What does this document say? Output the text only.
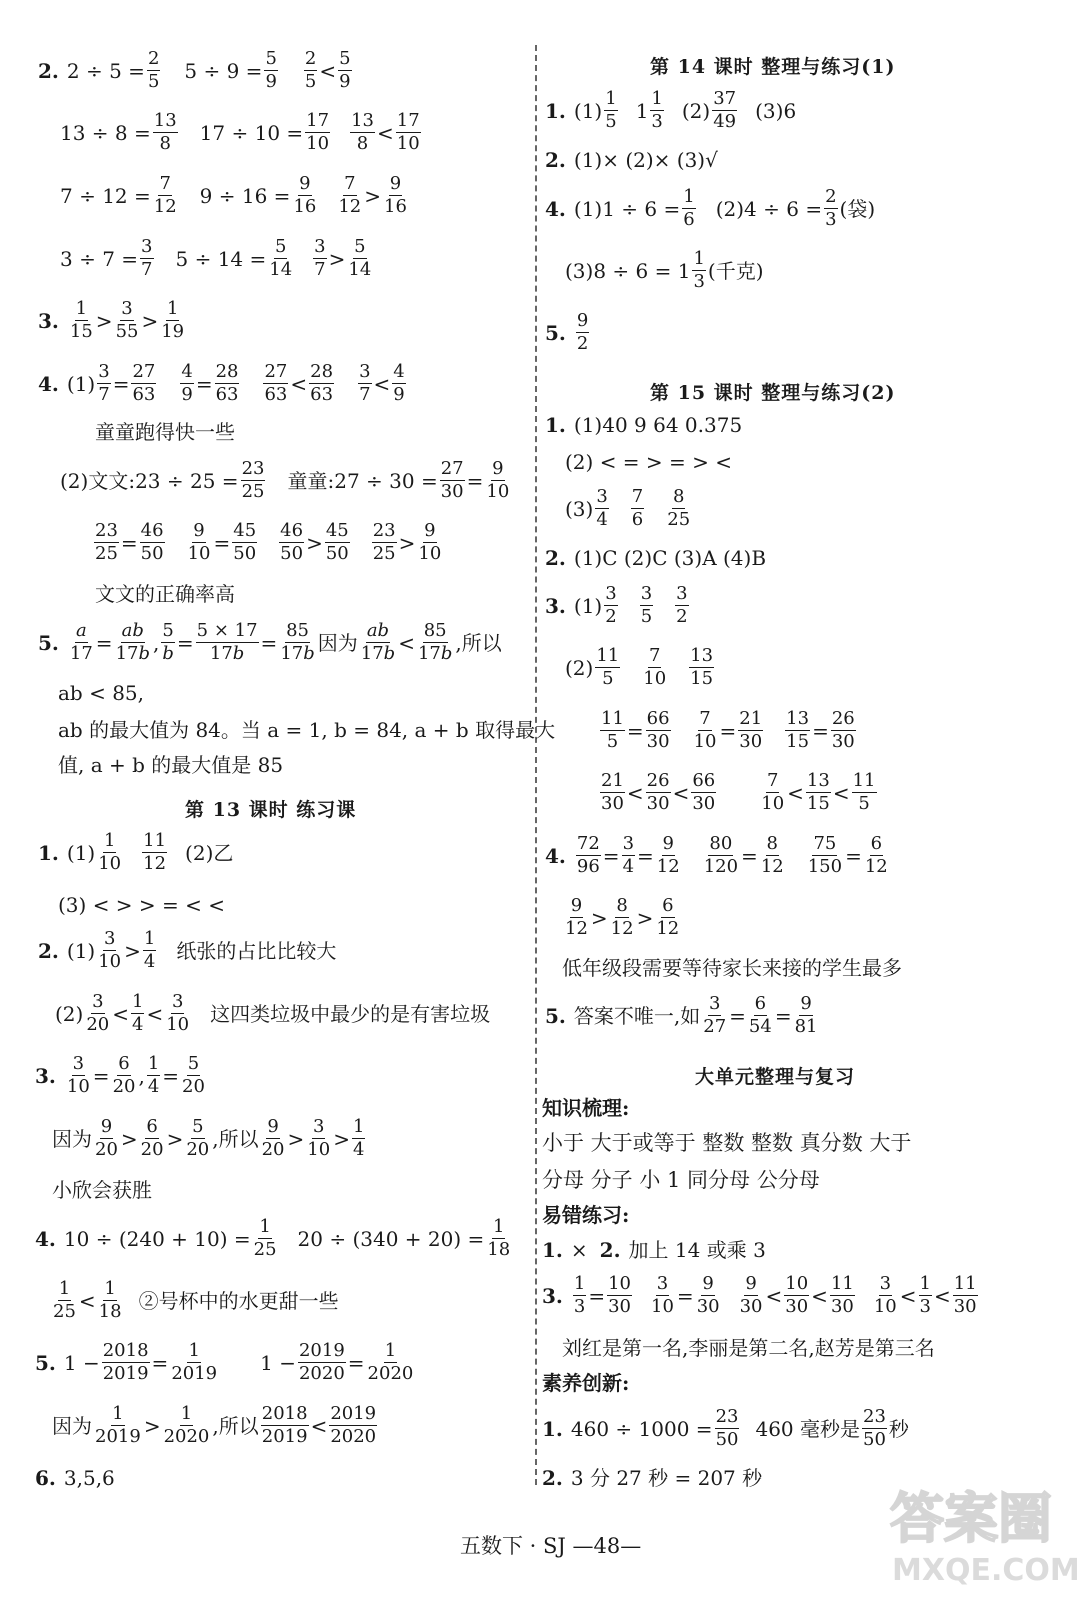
2. $2 \div 5 = \frac{2}{5} 5 \div 9 = \frac{5}{9} \frac{2}{5} < \frac{5}{9}$
$13 \div 8 = \frac{13}{8} 17 \div 10 = \frac{17}{10} \frac{13}{8} < \frac{17}{10}$
$7 \div 12 = \frac{7}{12} 9 \div 16 = \frac{9}{16} \frac{7}{12} > \frac{9}{16}$
$3 \div 7 = \frac{3}{7} 5 \div 14 = \frac{5}{14} \frac{3}{7} > \frac{5}{14}$
3. $\frac{1}{15} > \frac{3}{55} > \frac{1}{19}$
4. $(1) \frac{3}{7} = \frac{27}{63} \frac{4}{9} = \frac{28}{63} \frac{27}{63} < \frac{28}{63} \frac{3}{7} < \frac{4}{9}$
童童跑得快一些
(2) 文文:23 ÷ $25 = \frac{23}{25}$ 童童:27 ÷ $30 = \frac{27}{30} = \frac{9}{10}$
$\frac{23}{25} = \frac{46}{50} \frac{9}{10} = \frac{45}{50} \frac{46}{50} > \frac{45}{50} \frac{23}{25} > \frac{9}{10}$
文文的正确率高
5. $\frac{a}{17} = \frac{ab}{17b}$ , $\frac{5}{b} = \frac{5 \times 17}{17b} = \frac{85}{17b}$ 因为 $\frac{ab}{17b} < \frac{85}{17b}$ ,所以
ab < 85,
ab 的最大值为 84。当 a = 1, b = 84, a + b 取得最大
值, a + b 的最大值是 85
第 13 课时 练习课
1. $(1) \frac{1}{10} \frac{11}{12} (2)$乙
(3) < > > = < <
2. $(1) \frac{3}{10} > \frac{1}{4}$ 纸张的占比比较大
$(2) \frac{3}{20} < \frac{1}{4} < \frac{3}{10}$ 这四类垃圾中最少的是有害垃圾
3. $\frac{3}{10} = \frac{6}{20}$ , $\frac{1}{4} = \frac{5}{20}$
因为 $\frac{9}{20} > \frac{6}{20} > \frac{5}{20}$ ,所以 $\frac{9}{20} > \frac{3}{10} > \frac{1}{4}$
小欣会获胜
4. $10 \div (240 + 10) = \frac{1}{25} 20 \div (340 + 20) = \frac{1}{18}$
$\frac{1}{25} < \frac{1}{18}$ ②号杯中的水更甜一些
5. $1 - \frac{2018}{2019} = \frac{1}{2019} 1 - \frac{2019}{2020} = \frac{1}{2020}$
因为 $\frac{1}{2019} > \frac{1}{2020}$ ,所以 $\frac{2018}{2019} < \frac{2019}{2020}$
6. 3,5,6
第 14 课时 整理与练习(1)
1. $(1) \frac{1}{5} 1 \frac{1}{3} (2) \frac{37}{49} (3)6$
2. (1)× (2)× (3)√
4. $(1)1 \div 6 = \frac{1}{6} (2)4 \div 6 = \frac{2}{3}$ (袋)
$(3)8 \div 6 = 1 \frac{1}{3}$ (千克)
5. $\frac{9}{2}$
第 15 课时 整理与练习(2)
1. (1)40 9 64 0.375
(2) < = > = > <
$(3) \frac{3}{4} \frac{7}{6} \frac{8}{25}$
2. (1)C (2)C (3)A (4)B
3. $(1) \frac{3}{2} \frac{3}{5} \frac{3}{2}$
$(2) \frac{11}{5} \frac{7}{10} \frac{13}{15}$
$\frac{11}{5} = \frac{66}{30} \frac{7}{10} = \frac{21}{30} \frac{13}{15} = \frac{26}{30}$
$\frac{21}{30} < \frac{26}{30} < \frac{66}{30} \frac{7}{10} < \frac{13}{15} < \frac{11}{5}$
4. $\frac{72}{96} = \frac{3}{4} = \frac{9}{12} \frac{80}{120} = \frac{8}{12} \frac{75}{150} = \frac{6}{12}$
$\frac{9}{12} > \frac{8}{12} > \frac{6}{12}$
低年级段需要等待家长来接的学生最多
5. 答案不唯一,如 $\frac{3}{27} = \frac{6}{54} = \frac{9}{81}$
大单元整理与复习
知识梳理:
小于 大于或等于 整数 整数 真分数 大于
分母 分子 小 1 同分母 公分母
易错练习:
1. × 2. 加上 14 或乘 3
3. $\frac{1}{3} = \frac{10}{30} \frac{3}{10} = \frac{9}{30} \frac{9}{30} < \frac{10}{30} < \frac{11}{30} \frac{3}{10} < \frac{1}{3} < \frac{11}{30}$
刘红是第一名,李丽是第二名,赵芳是第三名
素养创新:
1. $460 \div 1000 = \frac{23}{50} 460$ 毫秒是 $\frac{23}{50}$ 秒
2. 3 分 27 秒 = 207 秒
五数下 · SJ —48—	答案圈
MXQE.COM
